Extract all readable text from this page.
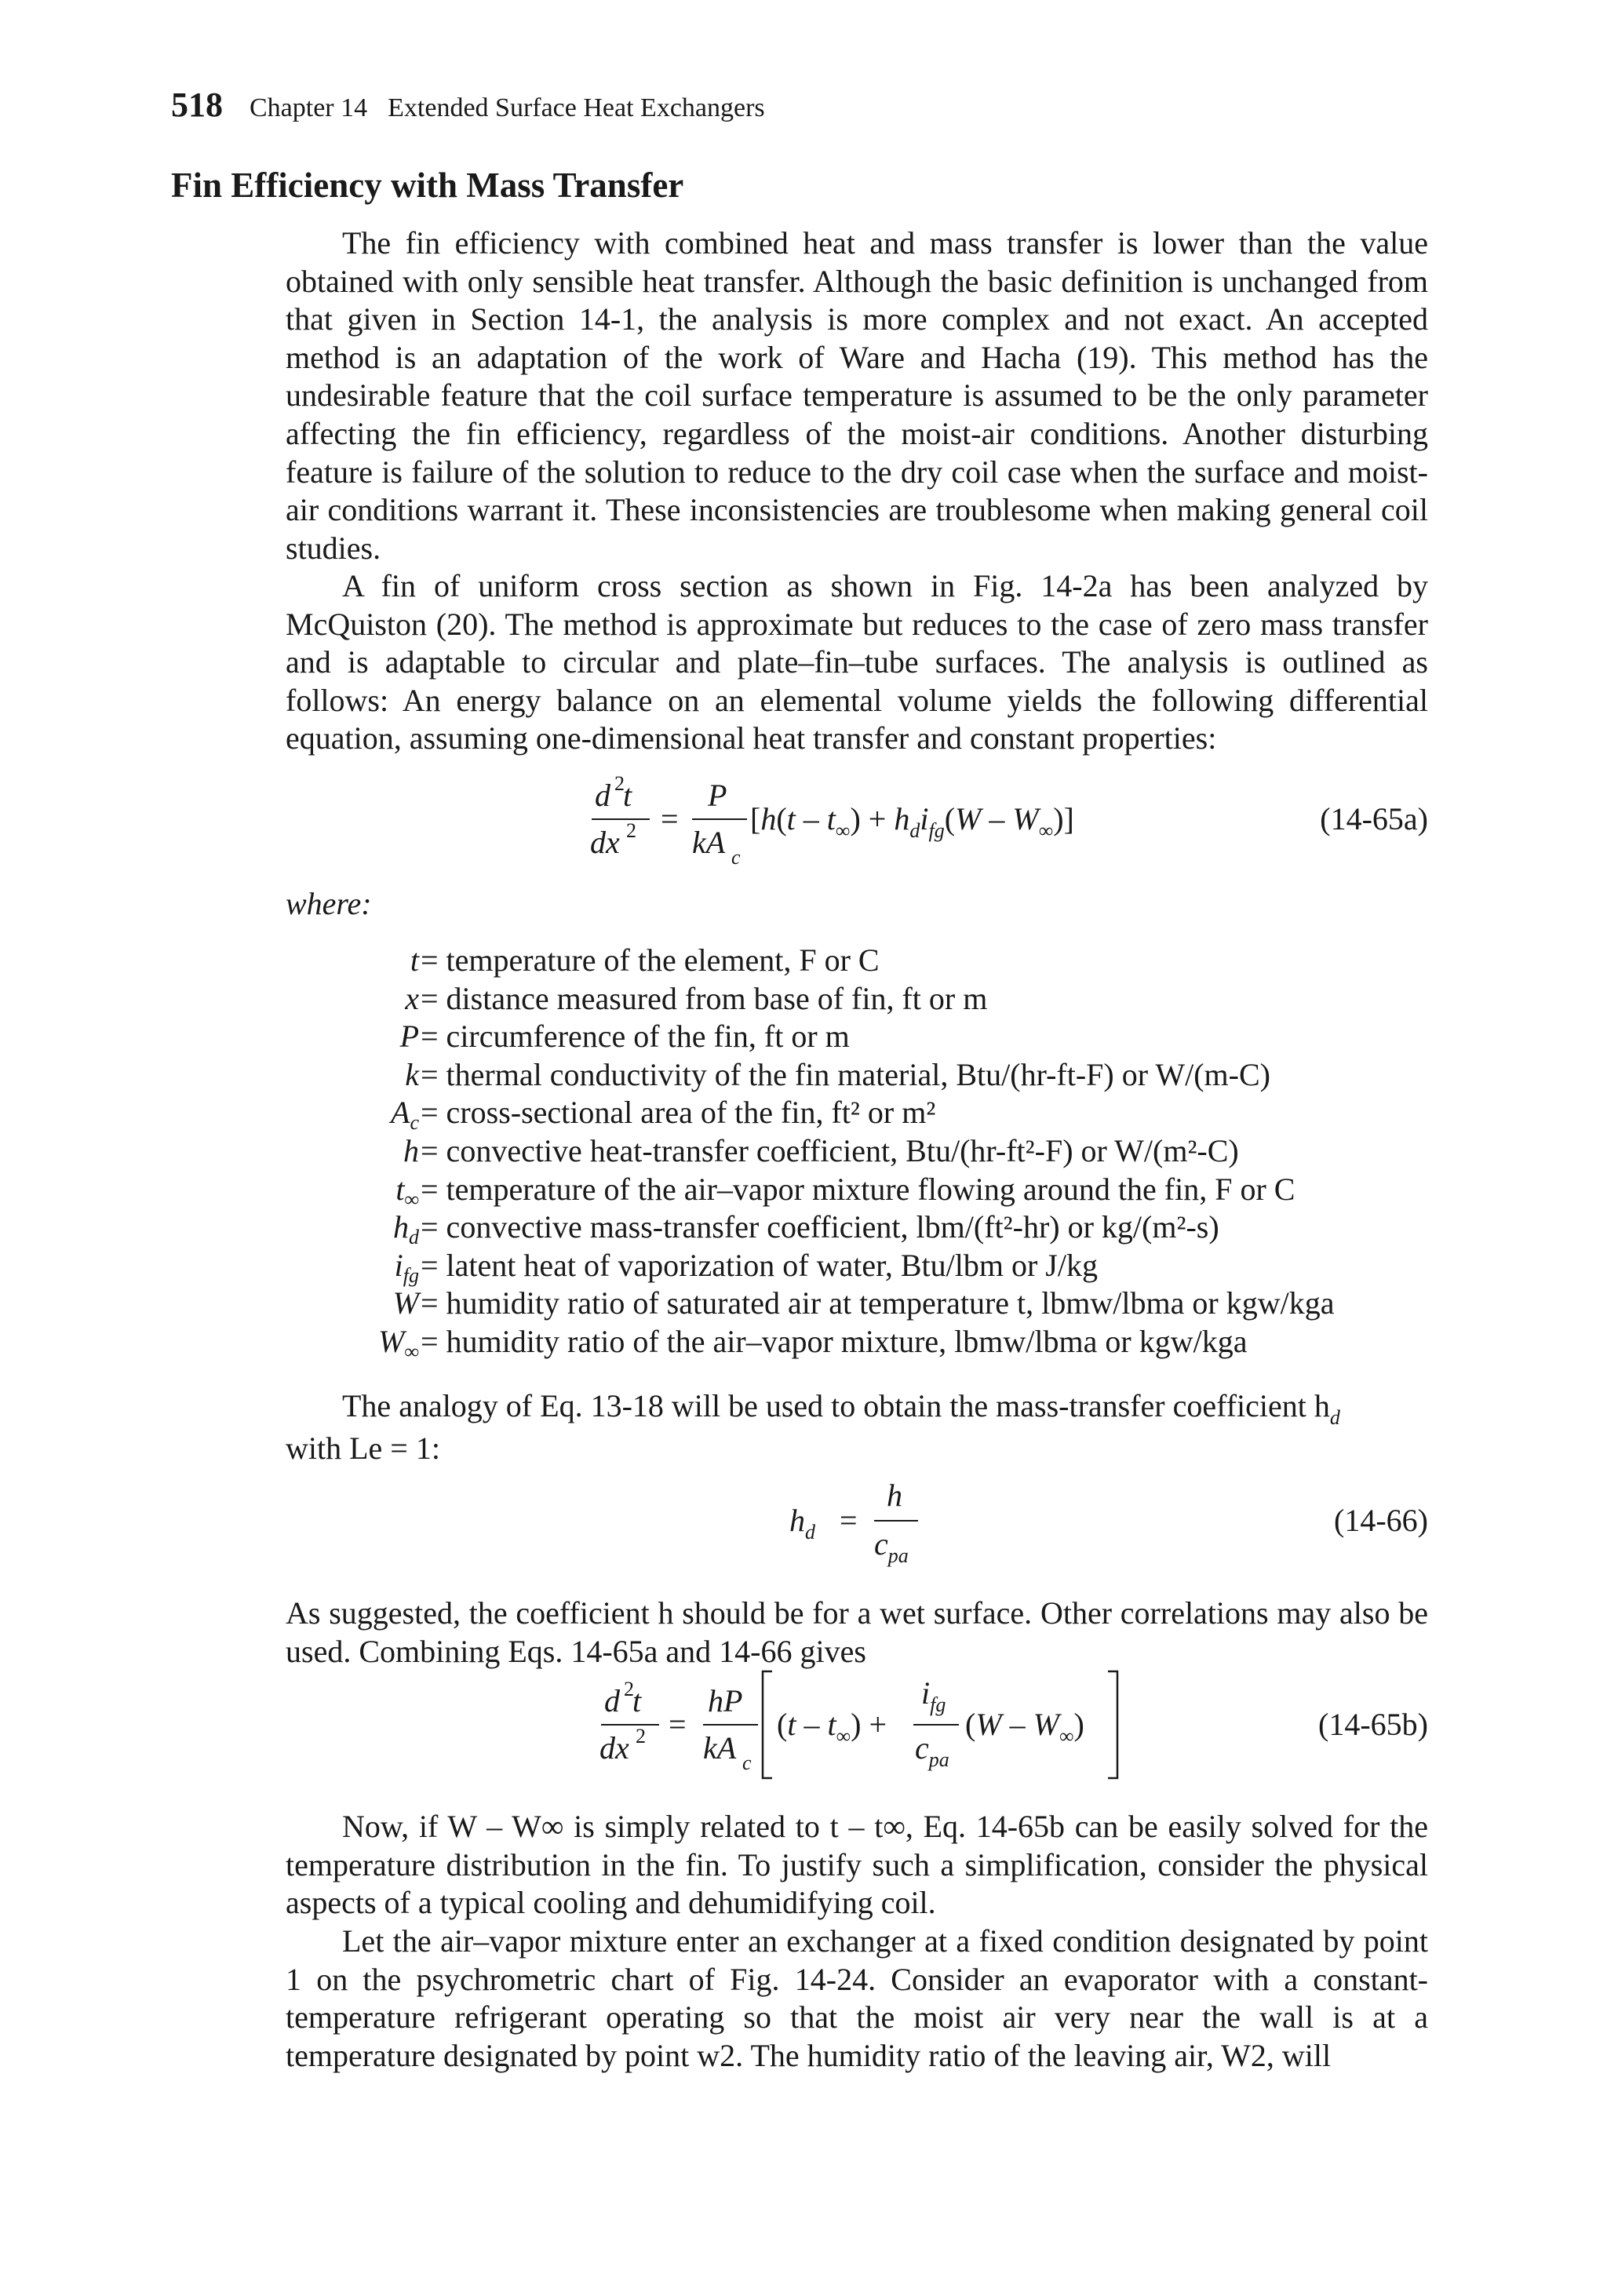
518 Chapter 14 Extended Surface Heat Exchangers
Fin Efficiency with Mass Transfer

The fin efficiency with combined heat and mass transfer is lower than the value obtained with only sensible heat transfer. Although the basic definition is unchanged from that given in Section 14-1, the analysis is more complex and not exact. An accepted method is an adaptation of the work of Ware and Hacha (19). This method has the undesirable feature that the coil surface temperature is assumed to be the only parameter affecting the fin efficiency, regardless of the moist-air conditions. Another disturbing feature is failure of the solution to reduce to the dry coil case when the surface and moist-air conditions warrant it. These inconsistencies are troublesome when making general coil studies.

A fin of uniform cross section as shown in Fig. 14-2a has been analyzed by McQuiston (20). The method is approximate but reduces to the case of zero mass transfer and is adaptable to circular and plate–fin–tube surfaces. The analysis is outlined as follows: An energy balance on an elemental volume yields the following differential equation, assuming one-dimensional heat transfer and constant properties:

d 2
t
dx 2 =
P
kA c
$[h(t - t_\infty) + h_di_{fg}(W - W_\infty)]$	(14-65a)
where:
t = temperature of the element, F or C
x = distance measured from base of fin, ft or m
P = circumference of the fin, ft or m
k = thermal conductivity of the fin material, Btu/(hr-ft-F) or W/(m-C)
$A_c$ = cross-sectional area of the fin, ft² or m²
h = convective heat-transfer coefficient, Btu/(hr-ft²-F) or W/(m²-C)
$t_\infty$ = temperature of the air–vapor mixture flowing around the fin, F or C
$h_d$ = convective mass-transfer coefficient, lbm/(ft²-hr) or kg/(m²-s)
$i_{fg}$ = latent heat of vaporization of water, Btu/lbm or J/kg
W = humidity ratio of saturated air at temperature t, lbmw/lbma or kgw/kga
$W_\infty$ = humidity ratio of the air–vapor mixture, lbmw/lbma or kgw/kga

The analogy of Eq. 13-18 will be used to obtain the mass-transfer coefficient $h_d$
with Le = 1:

$h_d$ =
h
$c_{pa}$
(14-66)

As suggested, the coefficient h should be for a wet surface. Other correlations may also be used. Combining Eqs. 14-65a and 14-66 gives

d 2
t
dx 2 =
hP
kA c
$(t - t_\infty)$ +
$i_{fg}$
$c_{pa}$
$(W - W_\infty)$	(14-65b)

Now, if W – W∞ is simply related to t – t∞, Eq. 14-65b can be easily solved for the temperature distribution in the fin. To justify such a simplification, consider the physical aspects of a typical cooling and dehumidifying coil.

Let the air–vapor mixture enter an exchanger at a fixed condition designated by point 1 on the psychrometric chart of Fig. 14-24. Consider an evaporator with a constant-temperature refrigerant operating so that the moist air very near the wall is at a temperature designated by point w2. The humidity ratio of the leaving air, W2, will
